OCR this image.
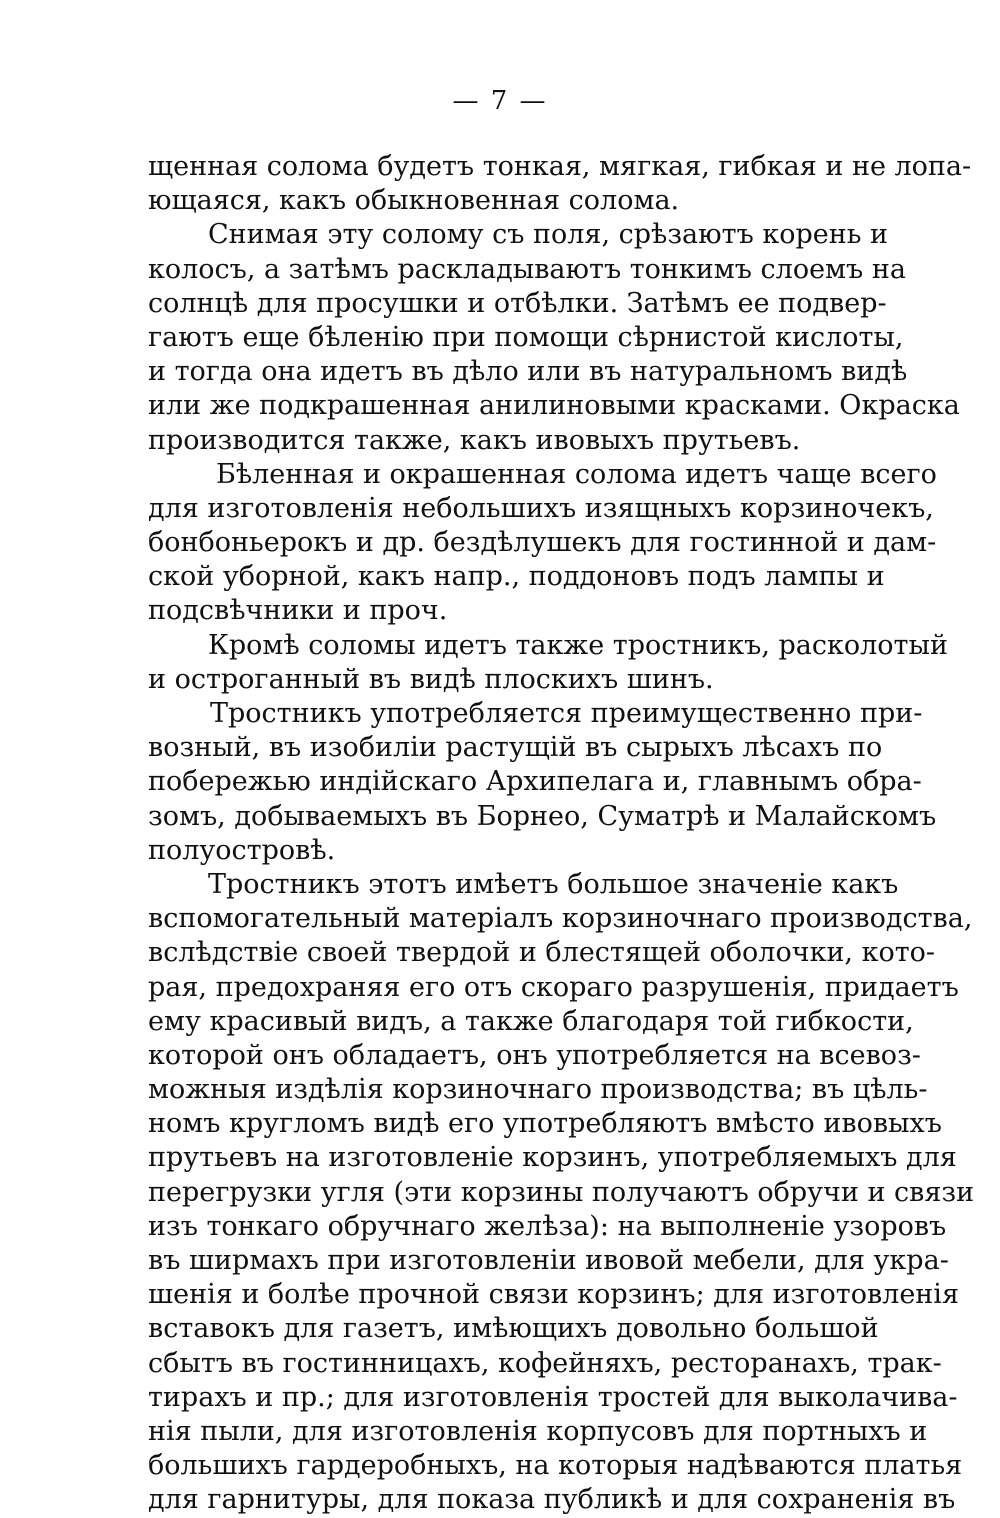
— 7 —
щенная солома будетъ тонкая, мягкая, гибкая и не лопа-
ющаяся, какъ обыкновенная солома.
Снимая эту солому съ поля, срѣзаютъ корень и
колосъ, а затѣмъ раскладываютъ тонкимъ слоемъ на
солнцѣ для просушки и отбѣлки. Затѣмъ ее подвер-
гаютъ еще бѣленію при помощи сѣрнистой кислоты,
и тогда она идетъ въ дѣло или въ натуральномъ видѣ
или же подкрашенная анилиновыми красками. Окраска
производится также, какъ ивовыхъ прутьевъ.
Бѣленная и окрашенная солома идетъ чаще всего
для изготовленія небольшихъ изящныхъ корзиночекъ,
бонбоньерокъ и др. бездѣлушекъ для гостинной и дам-
ской уборной, какъ напр., поддоновъ подъ лампы и
подсвѣчники и проч.
Кромѣ соломы идетъ также тростникъ, расколотый
и остроганный въ видѣ плоскихъ шинъ.
Тростникъ употребляется преимущественно при-
возный, въ изобиліи растущій въ сырыхъ лѣсахъ по
побережью индійскаго Архипелага и, главнымъ обра-
зомъ, добываемыхъ въ Борнео, Суматрѣ и Малайскомъ
полуостровѣ.
Тростникъ этотъ имѣетъ большое значеніе какъ
вспомогательный матеріалъ корзиночнаго производства,
вслѣдствіе своей твердой и блестящей оболочки, кото-
рая, предохраняя его отъ скораго разрушенія, придаетъ
ему красивый видъ, а также благодаря той гибкости,
которой онъ обладаетъ, онъ употребляется на всевоз-
можныя издѣлія корзиночнаго производства; въ цѣль-
номъ кругломъ видѣ его употребляютъ вмѣсто ивовыхъ
прутьевъ на изготовленіе корзинъ, употребляемыхъ для
перегрузки угля (эти корзины получаютъ обручи и связи
изъ тонкаго обручнаго желѣза): на выполненіе узоровъ
въ ширмахъ при изготовленіи ивовой мебели, для укра-
шенія и болѣе прочной связи корзинъ; для изготовленія
вставокъ для газетъ, имѣющихъ довольно большой
сбытъ въ гостинницахъ, кофейняхъ, ресторанахъ, трак-
тирахъ и пр.; для изготовленія тростей для выколачива-
нія пыли, для изготовленія корпусовъ для портныхъ и
большихъ гардеробныхъ, на которыя надѣваются платья
для гарнитуры, для показа публикѣ и для сохраненія въ
